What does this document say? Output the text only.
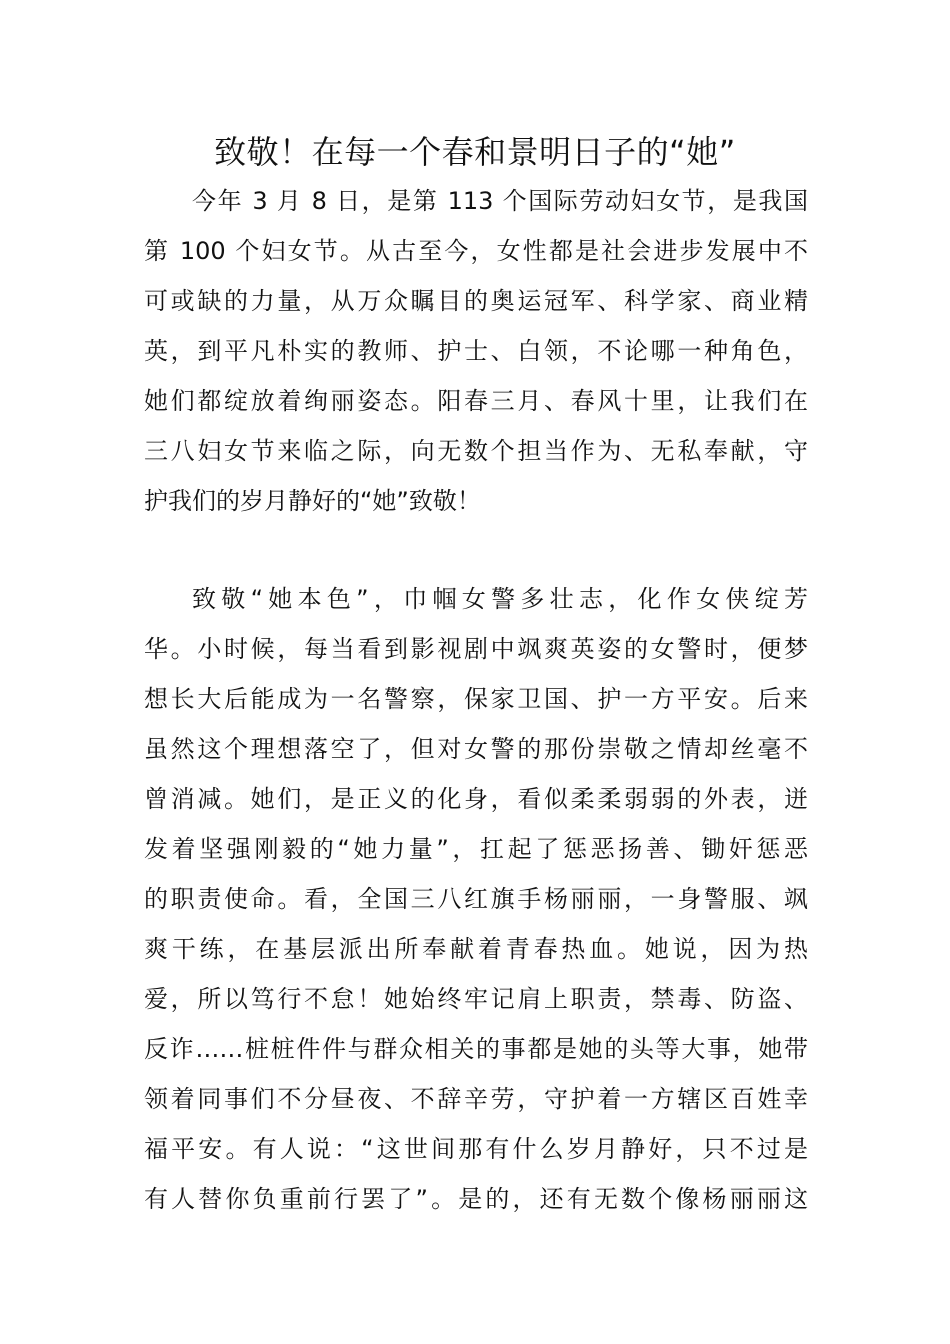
致敬！在每一个春和景明日子的“她”
今年 3 月 8 日，是第 113 个国际劳动妇女节，是我国
第 100 个妇女节。从古至今，女性都是社会进步发展中不
可或缺的力量，从万众瞩目的奥运冠军、科学家、商业精
英，到平凡朴实的教师、护士、白领，不论哪一种角色，
她们都绽放着绚丽姿态。阳春三月、春风十里，让我们在
三八妇女节来临之际，向无数个担当作为、无私奉献，守
护我们的岁月静好的“她”致敬！
致敬“她本色”，巾帼女警多壮志，化作女侠绽芳
华。小时候，每当看到影视剧中飒爽英姿的女警时，便梦
想长大后能成为一名警察，保家卫国、护一方平安。后来
虽然这个理想落空了，但对女警的那份崇敬之情却丝毫不
曾消减。她们，是正义的化身，看似柔柔弱弱的外表，迸
发着坚强刚毅的“她力量”，扛起了惩恶扬善、锄奸惩恶
的职责使命。看，全国三八红旗手杨丽丽，一身警服、飒
爽干练，在基层派出所奉献着青春热血。她说，因为热
爱，所以笃行不怠！她始终牢记肩上职责，禁毒、防盗、
反诈……桩桩件件与群众相关的事都是她的头等大事，她带
领着同事们不分昼夜、不辞辛劳，守护着一方辖区百姓幸
福平安。有人说：“这世间那有什么岁月静好，只不过是
有人替你负重前行罢了”。是的，还有无数个像杨丽丽这
